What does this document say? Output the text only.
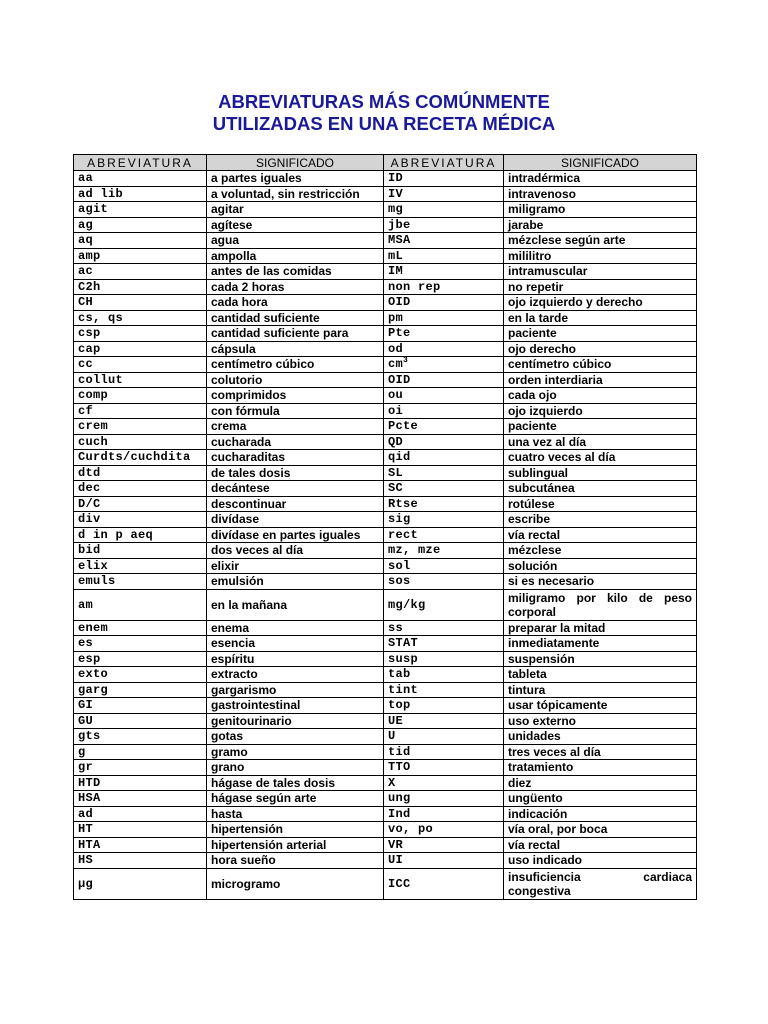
ABREVIATURAS MÁS COMÚNMENTE
UTILIZADAS EN UNA RECETA MÉDICA
ABREVIATURA	SIGNIFICADO	ABREVIATURA	SIGNIFICADO
aa	a partes iguales	ID	intradérmica
ad lib	a voluntad, sin restricción	IV	intravenoso
agit	agitar	mg	miligramo
ag	agítese	jbe	jarabe
aq	agua	MSA	mézclese según arte
amp	ampolla	mL	mililitro
ac	antes de las comidas	IM	intramuscular
C2h	cada 2 horas	non rep	no repetir
CH	cada hora	OID	ojo izquierdo y derecho
cs, qs	cantidad suficiente	pm	en la tarde
csp	cantidad suficiente para	Pte	paciente
cap	cápsula	od	ojo derecho
cc	centímetro cúbico	$cm^3$	centímetro cúbico
collut	colutorio	OID	orden interdiaria
comp	comprimidos	ou	cada ojo
cf	con fórmula	oi	ojo izquierdo
crem	crema	Pcte	paciente
cuch	cucharada	QD	una vez al día
Curdts/cuchdita	cucharaditas	qid	cuatro veces al día
dtd	de tales dosis	SL	sublingual
dec	decántese	SC	subcutánea
D/C	descontinuar	Rtse	rotúlese
div	divídase	sig	escribe
d in p aeq	divídase en partes iguales	rect	vía rectal
bid	dos veces al día	mz, mze	mézclese
elix	elixir	sol	solución
emuls	emulsión	sos	si es necesario
am	en la mañana	mg/kg	miligramo por kilo de peso corporal
enem	enema	ss	preparar la mitad
es	esencia	STAT	inmediatamente
esp	espíritu	susp	suspensión
exto	extracto	tab	tableta
garg	gargarismo	tint	tintura
GI	gastrointestinal	top	usar tópicamente
GU	genitourinario	UE	uso externo
gts	gotas	U	unidades
g	gramo	tid	tres veces al día
gr	grano	TTO	tratamiento
HTD	hágase de tales dosis	X	diez
HSA	hágase según arte	ung	ungüento
ad	hasta	Ind	indicación
HT	hipertensión	vo, po	vía oral, por boca
HTA	hipertensión arterial	VR	vía rectal
HS	hora sueño	UI	uso indicado
μg	microgramo	ICC	insuficiencia cardiaca congestiva
